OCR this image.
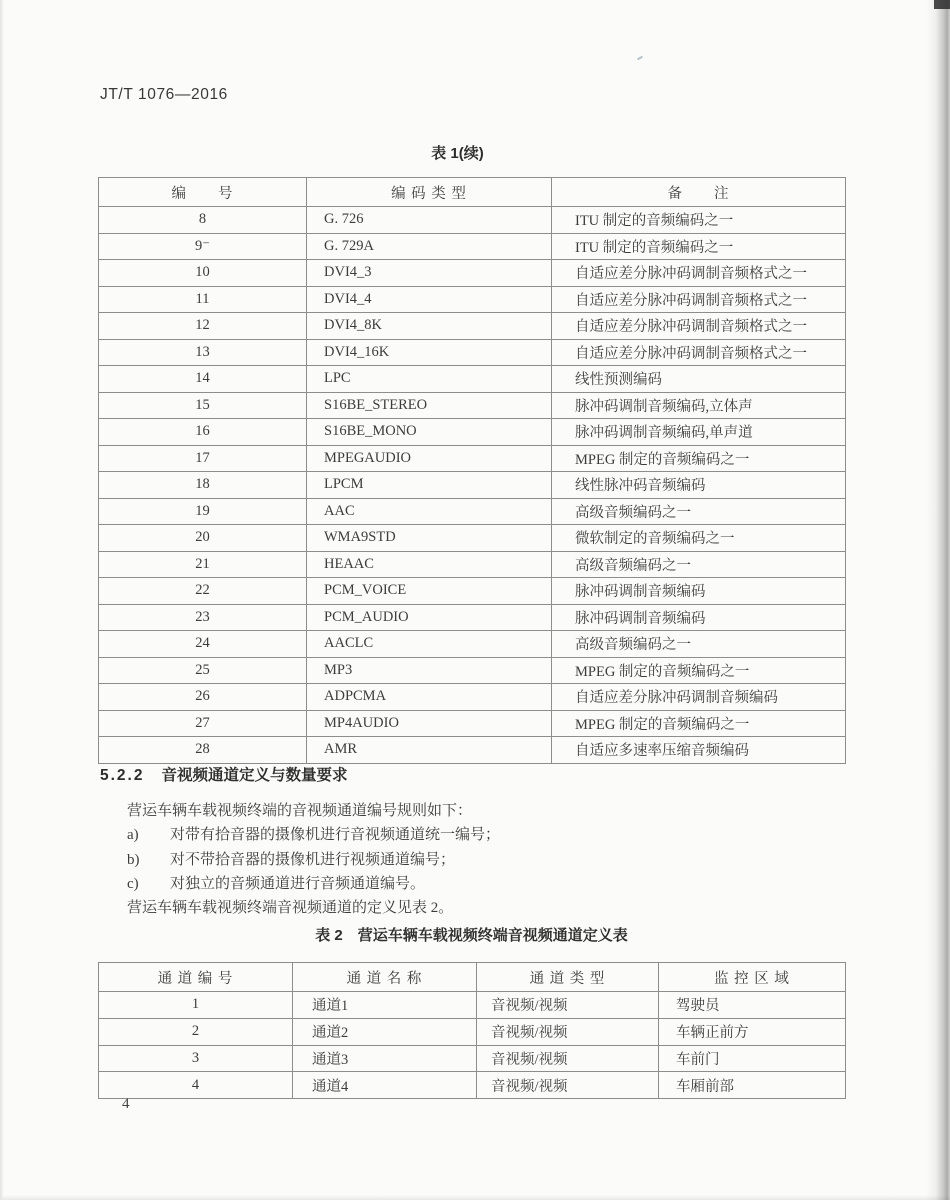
JT/T 1076—2016
表 1(续)
编　　号	编 码 类 型	备　　注
8	G. 726	ITU 制定的音频编码之一
9⁻	G. 729A	ITU 制定的音频编码之一
10	DVI4_3	自适应差分脉冲码调制音频格式之一
11	DVI4_4	自适应差分脉冲码调制音频格式之一
12	DVI4_8K	自适应差分脉冲码调制音频格式之一
13	DVI4_16K	自适应差分脉冲码调制音频格式之一
14	LPC	线性预测编码
15	S16BE_STEREO	脉冲码调制音频编码,立体声
16	S16BE_MONO	脉冲码调制音频编码,单声道
17	MPEGAUDIO	MPEG 制定的音频编码之一
18	LPCM	线性脉冲码音频编码
19	AAC	高级音频编码之一
20	WMA9STD	微软制定的音频编码之一
21	HEAAC	高级音频编码之一
22	PCM_VOICE	脉冲码调制音频编码
23	PCM_AUDIO	脉冲码调制音频编码
24	AACLC	高级音频编码之一
25	MP3	MPEG 制定的音频编码之一
26	ADPCMA	自适应差分脉冲码调制音频编码
27	MP4AUDIO	MPEG 制定的音频编码之一
28	AMR	自适应多速率压缩音频编码
5.2.2 音视频通道定义与数量要求
营运车辆车载视频终端的音视频通道编号规则如下：
a) 对带有拾音器的摄像机进行音视频通道统一编号；
b) 对不带拾音器的摄像机进行视频通道编号；
c) 对独立的音频通道进行音频通道编号。
营运车辆车载视频终端音视频通道的定义见表 2。
表 2 营运车辆车载视频终端音视频通道定义表
通 道 编 号	通 道 名 称	通 道 类 型	监 控 区 域
1	通道1	音视频/视频	驾驶员
2	通道2	音视频/视频	车辆正前方
3	通道3	音视频/视频	车前门
4	通道4	音视频/视频	车厢前部
4
